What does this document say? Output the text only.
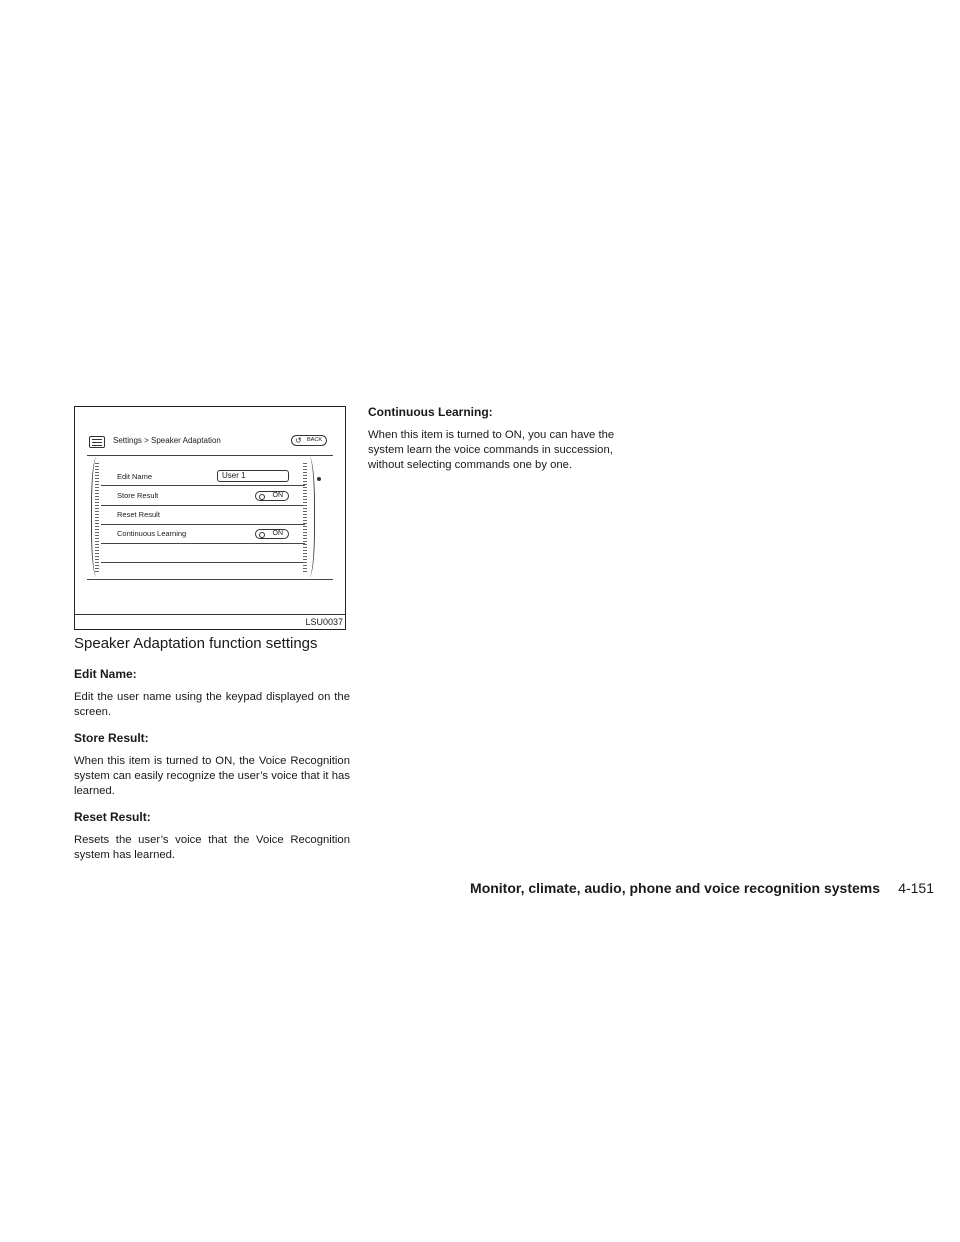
Settings > Speaker Adaptation	↺ BACK
Edit Name	User 1
Store Result	ON
Reset Result
Continuous Learning	ON
LSU0037
Speaker Adaptation function settings
Edit Name:

Edit the user name using the keypad displayed on the screen.

Store Result:

When this item is turned to ON, the Voice Recognition system can easily recognize the user’s voice that it has learned.

Reset Result:

Resets the user’s voice that the Voice Recognition system has learned.

Continuous Learning:

When this item is turned to ON, you can have the system learn the voice commands in succession, without selecting commands one by one.

Monitor, climate, audio, phone and voice recognition systems 4-151
